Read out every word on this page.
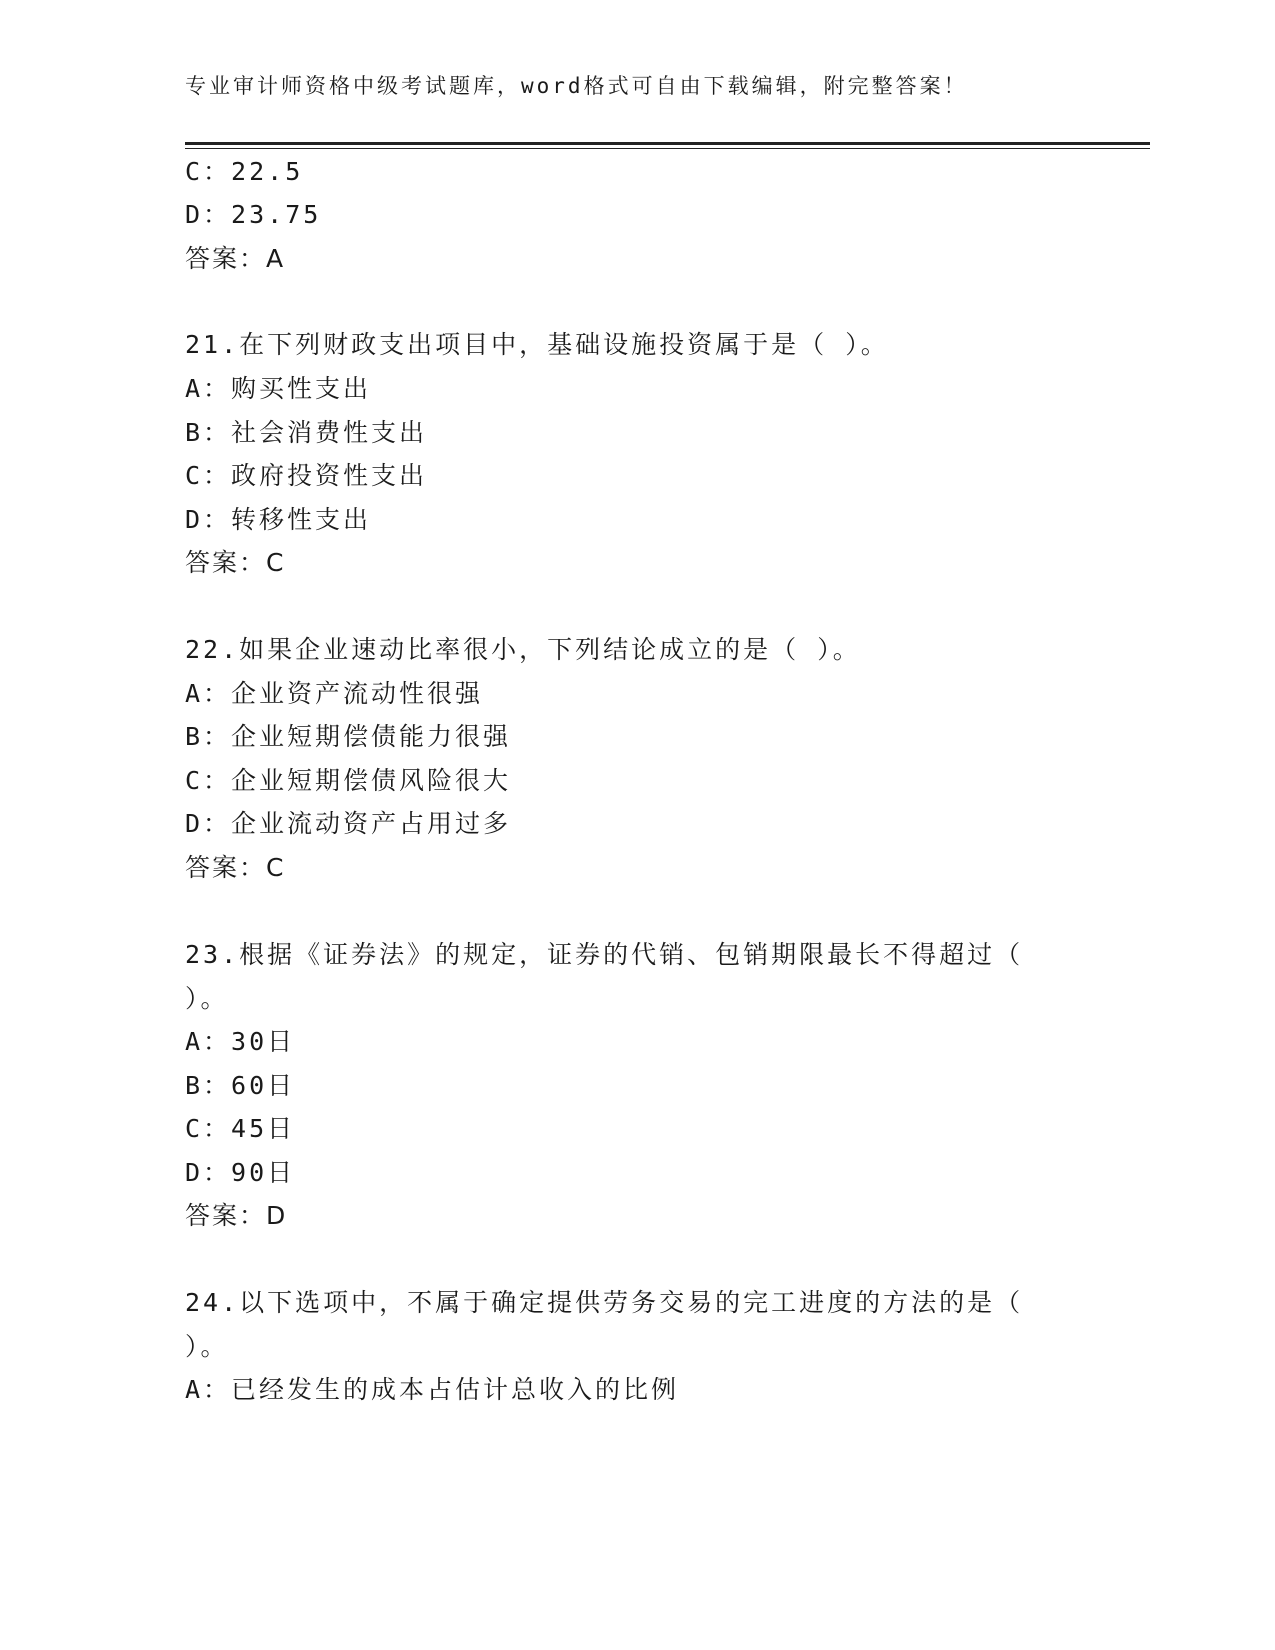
专业审计师资格中级考试题库，word格式可自由下载编辑，附完整答案！
C：22.5
D：23.75
答案：A
21.在下列财政支出项目中，基础设施投资属于是（ ）。
A：购买性支出
B：社会消费性支出
C：政府投资性支出
D：转移性支出
答案：C
22.如果企业速动比率很小，下列结论成立的是（ ）。
A：企业资产流动性很强
B：企业短期偿债能力很强
C：企业短期偿债风险很大
D：企业流动资产占用过多
答案：C
23.根据《证券法》的规定，证券的代销、包销期限最长不得超过（
）。
A：30日
B：60日
C：45日
D：90日
答案：D
24.以下选项中，不属于确定提供劳务交易的完工进度的方法的是（
）。
A：已经发生的成本占估计总收入的比例
